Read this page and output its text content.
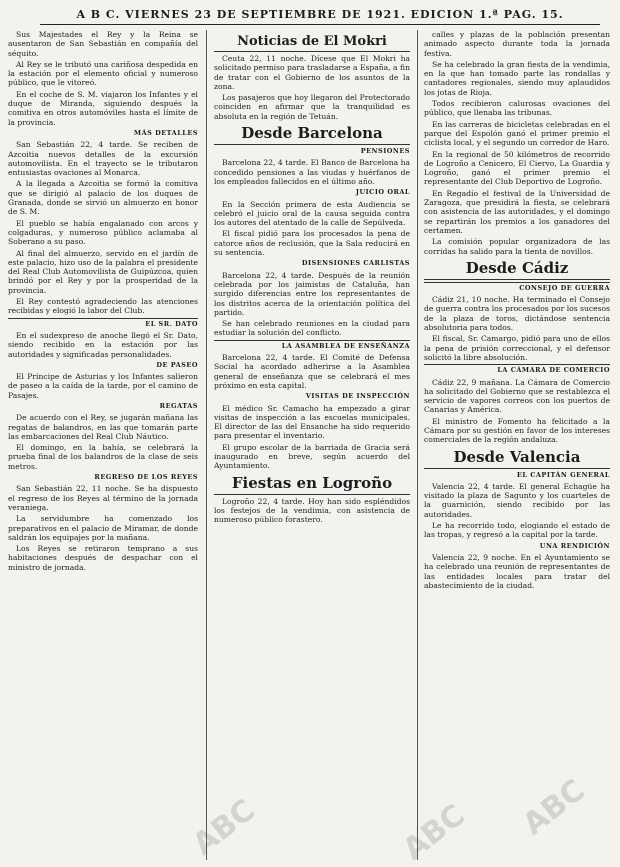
A B C. VIERNES 23 DE SEPTIEMBRE DE 1921. EDICION 1.ª PAG. 15.

Sus Majestades el Rey y la Reina se ausentaron de San Sebastián en compañía del séquito.

Al Rey se le tributó una cariñosa despedida en la estación por el elemento oficial y numeroso público, que le vitoreó.

En el coche de S. M. viajaron los Infantes y el duque de Miranda, siguiendo después la comitiva en otros automóviles hasta el límite de la provincia.

MÁS DETALLES

San Sebastián 22, 4 tarde. Se reciben de Azcoitia nuevos detalles de la excursión automovilista. En el trayecto se le tributaron entusiastas ovaciones al Monarca.

A la llegada a Azcoitia se formó la comitiva que se dirigió al palacio de los duques de Granada, donde se sirvió un almuerzo en honor de S. M.

El pueblo se había engalanado con arcos y colgaduras, y numeroso público aclamaba al Soberano a su paso.

Al final del almuerzo, servido en el jardín de este palacio, hizo uso de la palabra el presidente del Real Club Automovilista de Guipúzcoa, quien brindó por el Rey y por la prosperidad de la provincia.

El Rey contestó agradeciendo las atenciones recibidas y elogió la labor del Club.

EL SR. DATO

En el sudexpreso de anoche llegó el Sr. Dato, siendo recibido en la estación por las autoridades y significadas personalidades.

DE PASEO

El Príncipe de Asturias y los Infantes salieron de paseo a la caída de la tarde, por el camino de Pasajes.

REGATAS

De acuerdo con el Rey, se jugarán mañana las regatas de balandros, en las que tomarán parte las embarcaciones del Real Club Náutico.

El domingo, en la bahía, se celebrará la prueba final de los balandros de la clase de seis metros.

REGRESO DE LOS REYES

San Sebastián 22, 11 noche. Se ha dispuesto el regreso de los Reyes al término de la jornada veraniega.

La servidumbre ha comenzado los preparativos en el palacio de Miramar, de donde saldrán los equipajes por la mañana.

Los Reyes se retiraron temprano a sus habitaciones después de despachar con el ministro de jornada.

Noticias de El Mokri

Ceuta 22, 11 noche. Dícese que El Mokri ha solicitado permiso para trasladarse a España, a fin de tratar con el Gobierno de los asuntos de la zona.

Los pasajeros que hoy llegaron del Protectorado coinciden en afirmar que la tranquilidad es absoluta en la región de Tetuán.

Desde Barcelona
PENSIONES

Barcelona 22, 4 tarde. El Banco de Barcelona ha concedido pensiones a las viudas y huérfanos de los empleados fallecidos en el último año.

JUICIO ORAL

En la Sección primera de esta Audiencia se celebró el juicio oral de la causa seguida contra los autores del atentado de la calle de Sepúlveda.

El fiscal pidió para los procesados la pena de catorce años de reclusión, que la Sala reducirá en su sentencia.

DISENSIONES CARLISTAS

Barcelona 22, 4 tarde. Después de la reunión celebrada por los jaimistas de Cataluña, han surgido diferencias entre los representantes de los distritos acerca de la orientación política del partido.

Se han celebrado reuniones en la ciudad para estudiar la solución del conflicto.

LA ASAMBLEA DE ENSEÑANZA

Barcelona 22, 4 tarde. El Comité de Defensa Social ha acordado adherirse a la Asamblea general de enseñanza que se celebrará el mes próximo en esta capital.

VISITAS DE INSPECCIÓN

El médico Sr. Camacho ha empezado a girar visitas de inspección a las escuelas municipales. El director de las del Ensanche ha sido requerido para presentar el inventario.

El grupo escolar de la barriada de Gracia será inaugurado en breve, según acuerdo del Ayuntamiento.

Fiestas en Logroño

Logroño 22, 4 tarde. Hoy han sido espléndidos los festejos de la vendimia, con asistencia de numeroso público forastero.

calles y plazas de la población presentan animado aspecto durante toda la jornada festiva.

Se ha celebrado la gran fiesta de la vendimia, en la que han tomado parte las rondallas y cantadores regionales, siendo muy aplaudidos los jotas de Rioja.

Todos recibieron calurosas ovaciones del público, que llenaba las tribunas.

En las carreras de bicicletas celebradas en el parque del Espolón ganó el primer premio el ciclista local, y el segundo un corredor de Haro.

En la regional de 50 kilómetros de recorrido de Logroño a Cenicero, El Ciervo, La Guardia y Logroño, ganó el primer premio el representante del Club Deportivo de Logroño.

En Regadío el festival de la Universidad de Zaragoza, que presidirá la fiesta, se celebrará con asistencia de las autoridades, y el domingo se repartirán los premios a los ganadores del certamen.

La comisión popular organizadora de las corridas ha salido para la tienta de novillos.

Desde Cádiz
CONSEJO DE GUERRA

Cádiz 21, 10 noche. Ha terminado el Consejo de guerra contra los procesados por los sucesos de la plaza de toros, dictándose sentencia absolutoria para todos.

El fiscal, Sr. Camargo, pidió para uno de ellos la pena de prisión correccional, y el defensor solicitó la libre absolución.

LA CÁMARA DE COMERCIO

Cádiz 22, 9 mañana. La Cámara de Comercio ha solicitado del Gobierno que se restablezca el servicio de vapores correos con los puertos de Canarias y América.

El ministro de Fomento ha felicitado a la Cámara por su gestión en favor de los intereses comerciales de la región andaluza.

Desde Valencia
EL CAPITÁN GENERAL

Valencia 22, 4 tarde. El general Echagüe ha visitado la plaza de Sagunto y los cuarteles de la guarnición, siendo recibido por las autoridades.

Le ha recorrido todo, elogiando el estado de las tropas, y regresó a la capital por la tarde.

UNA RENDICIÓN

Valencia 22, 9 noche. En el Ayuntamiento se ha celebrado una reunión de representantes de las entidades locales para tratar del abastecimiento de la ciudad.

ABC	ABC ABC
